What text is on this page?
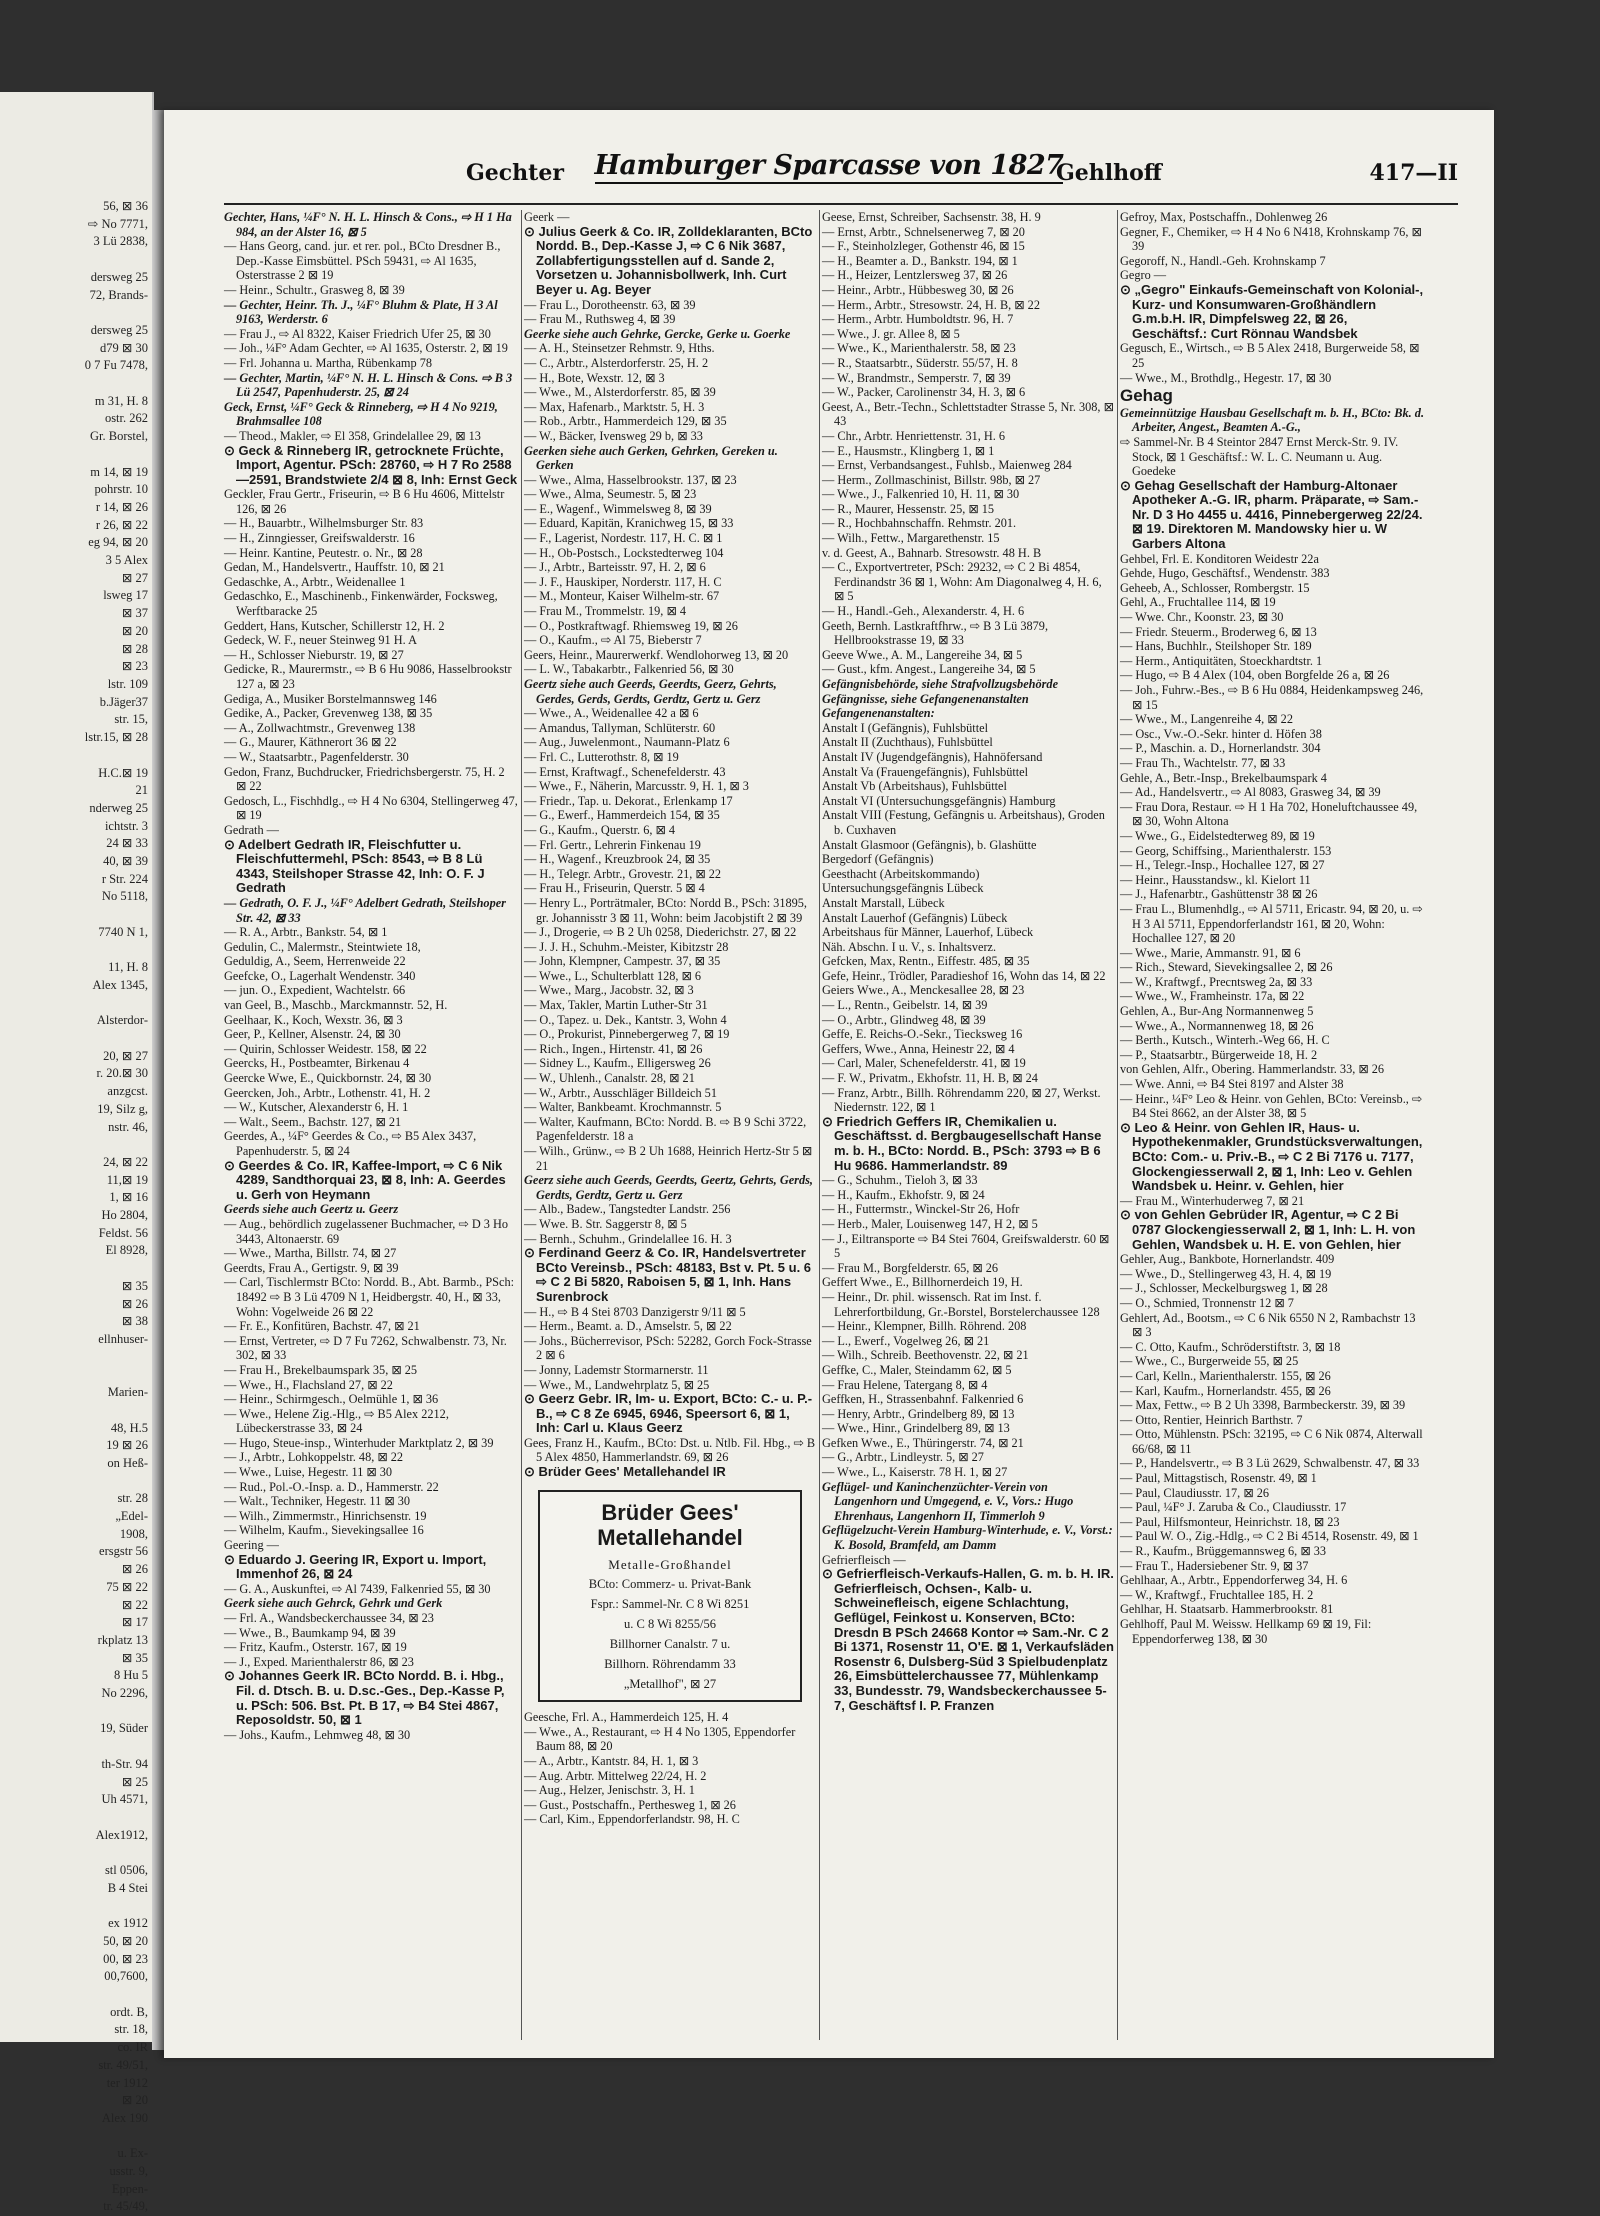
56, ⊠ 36
⇨ No 7771,
3 Lü 2838,

dersweg 25
72, Brands-

dersweg 25
d79 ⊠ 30
0 7 Fu 7478,

m 31, H. 8
ostr. 262
Gr. Borstel,

m 14, ⊠ 19
pohrstr. 10
r 14, ⊠ 26
r 26, ⊠ 22
eg 94, ⊠ 20
3 5 Alex
⊠ 27
lsweg 17
⊠ 37
⊠ 20
⊠ 28
⊠ 23
lstr. 109
b.Jäger37
str. 15,
lstr.15, ⊠ 28

H.C.⊠ 19
21
nderweg 25
ichtstr. 3
24 ⊠ 33
40, ⊠ 39
r Str. 224
No 5118,

7740 N 1,

11, H. 8
Alex 1345,

Alsterdor-

20, ⊠ 27
r. 20.⊠ 30
anzgcst.
19, Silz g,
nstr. 46,

24, ⊠ 22
11,⊠ 19
1, ⊠ 16
Ho 2804,
Feldst. 56
El 8928,

⊠ 35
⊠ 26
⊠ 38
ellnhuser-

Marien-

48, H.5
19 ⊠ 26
on Heß-

str. 28
„Edel-
1908,
ersgstr 56
⊠ 26
75 ⊠ 22
⊠ 22
⊠ 17
rkplatz 13
⊠ 35
8 Hu 5
No 2296,

19, Süder

th-Str. 94
⊠ 25
Uh 4571,

Alex1912,

stl 0506,
B 4 Stei

ex 1912
50, ⊠ 20
00, ⊠ 23
00,7600,

ordt. B,
str. 18,
co. IR
str. 49/51,
ter 1912
⊠ 20
Alex 190

u. Ex-
usstr. 9,
Eppen-
tr. 45/49,
Gechter	Hamburger Sparcasse von 1827
Gehlhoff	417—II

Gechter, Hans, ¼F° N. H. L. Hinsch & Cons., ⇨ H 1 Ha 984, an der Alster 16, ⊠ 5

— Hans Georg, cand. jur. et rer. pol., BCto Dresdner B., Dep.-Kasse Eimsbüttel. PSch 59431, ⇨ Al 1635, Osterstrasse 2 ⊠ 19

— Heinr., Schultr., Grasweg 8, ⊠ 39

— Gechter, Heinr. Th. J., ¼F° Bluhm & Plate, H 3 Al 9163, Werderstr. 6

— Frau J., ⇨ Al 8322, Kaiser Friedrich Ufer 25, ⊠ 30

— Joh., ¼F° Adam Gechter, ⇨ Al 1635, Osterstr. 2, ⊠ 19

— Frl. Johanna u. Martha, Rübenkamp 78

— Gechter, Martin, ¼F° N. H. L. Hinsch & Cons. ⇨ B 3 Lü 2547, Papenhuderstr. 25, ⊠ 24

Geck, Ernst, ¼F° Geck & Rinneberg, ⇨ H 4 No 9219, Brahmsallee 108

— Theod., Makler, ⇨ El 358, Grindelallee 29, ⊠ 13

⊙ Geck & Rinneberg IR, getrocknete Früchte, Import, Agentur. PSch: 28760, ⇨ H 7 Ro 2588—2591, Brandstwiete 2/4 ⊠ 8, Inh: Ernst Geck

Geckler, Frau Gertr., Friseurin, ⇨ B 6 Hu 4606, Mittelstr 126, ⊠ 26

— H., Bauarbtr., Wilhelmsburger Str. 83

— H., Zinngiesser, Greifswalderstr. 16

— Heinr. Kantine, Peutestr. o. Nr., ⊠ 28

Gedan, M., Handelsvertr., Hauffstr. 10, ⊠ 21

Gedaschke, A., Arbtr., Weidenallee 1

Gedaschko, E., Maschinenb., Finkenwärder, Focksweg, Werftbaracke 25

Geddert, Hans, Kutscher, Schillerstr 12, H. 2

Gedeck, W. F., neuer Steinweg 91 H. A

— H., Schlosser Nieburstr. 19, ⊠ 27

Gedicke, R., Maurermstr., ⇨ B 6 Hu 9086, Hasselbrookstr 127 a, ⊠ 23

Gediga, A., Musiker Borstelmannsweg 146

Gedike, A., Packer, Grevenweg 138, ⊠ 35

— A., Zollwachtmstr., Grevenweg 138

— G., Maurer, Käthnerort 36 ⊠ 22

— W., Staatsarbtr., Pagenfelderstr. 30

Gedon, Franz, Buchdrucker, Friedrichsbergerstr. 75, H. 2 ⊠ 22

Gedosch, L., Fischhdlg., ⇨ H 4 No 6304, Stellingerweg 47, ⊠ 19

Gedrath —

⊙ Adelbert Gedrath IR, Fleischfutter u. Fleischfuttermehl, PSch: 8543, ⇨ B 8 Lü 4343, Steilshoper Strasse 42, Inh: O. F. J Gedrath

— Gedrath, O. F. J., ¼F° Adelbert Gedrath, Steilshoper Str. 42, ⊠ 33

— R. A., Arbtr., Bankstr. 54, ⊠ 1

Gedulin, C., Malermstr., Steintwiete 18,

Geduldig, A., Seem, Herrenweide 22

Geefcke, O., Lagerhalt Wendenstr. 340

— jun. O., Expedient, Wachtelstr. 66

van Geel, B., Maschb., Marckmannstr. 52, H.

Geelhaar, K., Koch, Wexstr. 36, ⊠ 3

Geer, P., Kellner, Alsenstr. 24, ⊠ 30

— Quirin, Schlosser Weidestr. 158, ⊠ 22

Geercks, H., Postbeamter, Birkenau 4

Geercke Wwe, E., Quickbornstr. 24, ⊠ 30

Geercken, Joh., Arbtr., Lothenstr. 41, H. 2

— W., Kutscher, Alexanderstr 6, H. 1

— Walt., Seem., Bachstr. 127, ⊠ 21

Geerdes, A., ¼F° Geerdes & Co., ⇨ B5 Alex 3437, Papenhuderstr. 5, ⊠ 24

⊙ Geerdes & Co. IR, Kaffee-Import, ⇨ C 6 Nik 4289, Sandthorquai 23, ⊠ 8, Inh: A. Geerdes u. Gerh von Heymann

Geerds siehe auch Geertz u. Geerz

— Aug., behördlich zugelassener Buchmacher, ⇨ D 3 Ho 3443, Altonaerstr. 69

— Wwe., Martha, Billstr. 74, ⊠ 27

Geerdts, Frau A., Gertigstr. 9, ⊠ 39

— Carl, Tischlermstr BCto: Nordd. B., Abt. Barmb., PSch: 18492 ⇨ B 3 Lü 4709 N 1, Heidbergstr. 40, H., ⊠ 33, Wohn: Vogelweide 26 ⊠ 22

— Fr. E., Konfitüren, Bachstr. 47, ⊠ 21

— Ernst, Vertreter, ⇨ D 7 Fu 7262, Schwalbenstr. 73, Nr. 302, ⊠ 33

— Frau H., Brekelbaumspark 35, ⊠ 25

— Wwe., H., Flachsland 27, ⊠ 22

— Heinr., Schirmgesch., Oelmühle 1, ⊠ 36

— Wwe., Helene Zig.-Hlg., ⇨ B5 Alex 2212, Lübeckerstrasse 33, ⊠ 24

— Hugo, Steue-insp., Winterhuder Marktplatz 2, ⊠ 39

— J., Arbtr., Lohkoppelstr. 48, ⊠ 22

— Wwe., Luise, Hegestr. 11 ⊠ 30

— Rud., Pol.-O.-Insp. a. D., Hammerstr. 22

— Walt., Techniker, Hegestr. 11 ⊠ 30

— Wilh., Zimmermstr., Hinrichsenstr. 19

— Wilhelm, Kaufm., Sievekingsallee 16

Geering —

⊙ Eduardo J. Geering IR, Export u. Import, Immenhof 26, ⊠ 24

— G. A., Auskunftei, ⇨ Al 7439, Falkenried 55, ⊠ 30

Geerk siehe auch Gehrck, Gehrk und Gerk

— Frl. A., Wandsbeckerchaussee 34, ⊠ 23

— Wwe., B., Baumkamp 94, ⊠ 39

— Fritz, Kaufm., Osterstr. 167, ⊠ 19

— J., Exped. Marienthalerstr 86, ⊠ 23

⊙ Johannes Geerk IR. BCto Nordd. B. i. Hbg., Fil. d. Dtsch. B. u. D.sc.-Ges., Dep.-Kasse P, u. PSch: 506. Bst. Pt. B 17, ⇨ B4 Stei 4867, Reposoldstr. 50, ⊠ 1

— Johs., Kaufm., Lehmweg 48, ⊠ 30

Geerk —

⊙ Julius Geerk & Co. IR, Zolldeklaranten, BCto Nordd. B., Dep.-Kasse J, ⇨ C 6 Nik 3687, Zollabfertigungsstellen auf d. Sande 2, Vorsetzen u. Johannisbollwerk, Inh. Curt Beyer u. Ag. Beyer

— Frau L., Dorotheenstr. 63, ⊠ 39

— Frau M., Ruthsweg 4, ⊠ 39

Geerke siehe auch Gehrke, Gercke, Gerke u. Goerke

— A. H., Steinsetzer Rehmstr. 9, Hths.

— C., Arbtr., Alsterdorferstr. 25, H. 2

— H., Bote, Wexstr. 12, ⊠ 3

— Wwe., M., Alsterdorferstr. 85, ⊠ 39

— Max, Hafenarb., Marktstr. 5, H. 3

— Rob., Arbtr., Hammerdeich 129, ⊠ 35

— W., Bäcker, Ivensweg 29 b, ⊠ 33

Geerken siehe auch Gerken, Gehrken, Gereken u. Gerken

— Wwe., Alma, Hasselbrookstr. 137, ⊠ 23

— Wwe., Alma, Seumestr. 5, ⊠ 23

— E., Wagenf., Wimmelsweg 8, ⊠ 39

— Eduard, Kapitän, Kranichweg 15, ⊠ 33

— F., Lagerist, Nordestr. 117, H. C. ⊠ 1

— H., Ob-Postsch., Lockstedterweg 104

— J., Arbtr., Barteisstr. 97, H. 2, ⊠ 6

— J. F., Hauskiper, Norderstr. 117, H. C

— M., Monteur, Kaiser Wilhelm-str. 67

— Frau M., Trommelstr. 19, ⊠ 4

— O., Postkraftwagf. Rhiemsweg 19, ⊠ 26

— O., Kaufm., ⇨ Al 75, Bieberstr 7

Geers, Heinr., Maurerwerkf. Wendlohorweg 13, ⊠ 20

— L. W., Tabakarbtr., Falkenried 56, ⊠ 30

Geertz siehe auch Geerds, Geerdts, Geerz, Gehrts, Gerdes, Gerds, Gerdts, Gerdtz, Gertz u. Gerz

— Wwe., A., Weidenallee 42 a ⊠ 6

— Amandus, Tallyman, Schlüterstr. 60

— Aug., Juwelenmont., Naumann-Platz 6

— Frl. C., Lutterothstr. 8, ⊠ 19

— Ernst, Kraftwagf., Schenefelderstr. 43

— Wwe., F., Näherin, Marcusstr. 9, H. 1, ⊠ 3

— Friedr., Tap. u. Dekorat., Erlenkamp 17

— G., Ewerf., Hammerdeich 154, ⊠ 35

— G., Kaufm., Querstr. 6, ⊠ 4

— Frl. Gertr., Lehrerin Finkenau 19

— H., Wagenf., Kreuzbrook 24, ⊠ 35

— H., Telegr. Arbtr., Grovestr. 21, ⊠ 22

— Frau H., Friseurin, Querstr. 5 ⊠ 4

— Henry L., Porträtmaler, BCto: Nordd B., PSch: 31895, gr. Johannisstr 3 ⊠ 11, Wohn: beim Jacobjstift 2 ⊠ 39

— J., Drogerie, ⇨ B 2 Uh 0258, Diederichstr. 27, ⊠ 22

— J. J. H., Schuhm.-Meister, Kibitzstr 28

— John, Klempner, Campestr. 37, ⊠ 35

— Wwe., L., Schulterblatt 128, ⊠ 6

— Wwe., Marg., Jacobstr. 32, ⊠ 3

— Max, Takler, Martin Luther-Str 31

— O., Tapez. u. Dek., Kantstr. 3, Wohn 4

— O., Prokurist, Pinnebergerweg 7, ⊠ 19

— Rich., Ingen., Hirtenstr. 41, ⊠ 26

— Sidney L., Kaufm., Elligersweg 26

— W., Uhlenh., Canalstr. 28, ⊠ 21

— W., Arbtr., Ausschläger Billdeich 51

— Walter, Bankbeamt. Krochmannstr. 5

— Walter, Kaufmann, BCto: Nordd. B. ⇨ B 9 Schi 3722, Pagenfelderstr. 18 a

— Wilh., Grünw., ⇨ B 2 Uh 1688, Heinrich Hertz-Str 5 ⊠ 21

Geerz siehe auch Geerds, Geerdts, Geertz, Gehrts, Gerds, Gerdts, Gerdtz, Gertz u. Gerz

— Alb., Badew., Tangstedter Landstr. 256

— Wwe. B. Str. Saggerstr 8, ⊠ 5

— Bernh., Schuhm., Grindelallee 16. H. 3

⊙ Ferdinand Geerz & Co. IR, Handelsvertreter BCto Vereinsb., PSch: 48183, Bst v. Pt. 5 u. 6 ⇨ C 2 Bi 5820, Raboisen 5, ⊠ 1, Inh. Hans Surenbrock

— H., ⇨ B 4 Stei 8703 Danzigerstr 9/11 ⊠ 5

— Herm., Beamt. a. D., Amselstr. 5, ⊠ 22

— Johs., Bücherrevisor, PSch: 52282, Gorch Fock-Strasse 2 ⊠ 6

— Jonny, Lademstr Stormarnerstr. 11

— Wwe., M., Landwehrplatz 5, ⊠ 25

⊙ Geerz Gebr. IR, Im- u. Export, BCto: C.- u. P.-B., ⇨ C 8 Ze 6945, 6946, Speersort 6, ⊠ 1, Inh: Carl u. Klaus Geerz

Gees, Franz H., Kaufm., BCto: Dst. u. Ntlb. Fil. Hbg., ⇨ B 5 Alex 4850, Hammerlandstr. 69, ⊠ 26

⊙ Brüder Gees' Metallehandel IR

Brüder Gees'
Metallehandel
Metalle-Großhandel
BCto: Commerz- u. Privat-Bank
Fspr.: Sammel-Nr. C 8 Wi 8251
u. C 8 Wi 8255/56
Billhorner Canalstr. 7 u.
Billhorn. Röhrendamm 33
„Metallhof", ⊠ 27

Geesche, Frl. A., Hammerdeich 125, H. 4

— Wwe., A., Restaurant, ⇨ H 4 No 1305, Eppendorfer Baum 88, ⊠ 20

— A., Arbtr., Kantstr. 84, H. 1, ⊠ 3

— Aug. Arbtr. Mittelweg 22/24, H. 2

— Aug., Helzer, Jenischstr. 3, H. 1

— Gust., Postschaffn., Perthesweg 1, ⊠ 26

— Carl, Kim., Eppendorferlandstr. 98, H. C

Geese, Ernst, Schreiber, Sachsenstr. 38, H. 9

— Ernst, Arbtr., Schnelsenerweg 7, ⊠ 20

— F., Steinholzleger, Gothenstr 46, ⊠ 15

— H., Beamter a. D., Bankstr. 194, ⊠ 1

— H., Heizer, Lentzlersweg 37, ⊠ 26

— Heinr., Arbtr., Hübbesweg 30, ⊠ 26

— Herm., Arbtr., Stresowstr. 24, H. B, ⊠ 22

— Herm., Arbtr. Humboldtstr. 96, H. 7

— Wwe., J. gr. Allee 8, ⊠ 5

— Wwe., K., Marienthalerstr. 58, ⊠ 23

— R., Staatsarbtr., Süderstr. 55/57, H. 8

— W., Brandmstr., Semperstr. 7, ⊠ 39

— W., Packer, Carolinenstr 34, H. 3, ⊠ 6

Geest, A., Betr.-Techn., Schlettstadter Strasse 5, Nr. 308, ⊠ 43

— Chr., Arbtr. Henriettenstr. 31, H. 6

— E., Hausmstr., Klingberg 1, ⊠ 1

— Ernst, Verbandsangest., Fuhlsb., Maienweg 284

— Herm., Zollmaschinist, Billstr. 98b, ⊠ 27

— Wwe., J., Falkenried 10, H. 11, ⊠ 30

— R., Maurer, Hessenstr. 25, ⊠ 15

— R., Hochbahnschaffn. Rehmstr. 201.

— Wilh., Fettw., Margarethenstr. 15

v. d. Geest, A., Bahnarb. Stresowstr. 48 H. B

— C., Exportvertreter, PSch: 29232, ⇨ C 2 Bi 4854, Ferdinandstr 36 ⊠ 1, Wohn: Am Diagonalweg 4, H. 6, ⊠ 5

— H., Handl.-Geh., Alexanderstr. 4, H. 6

Geeth, Bernh. Lastkraftfhrw., ⇨ B 3 Lü 3879, Hellbrookstrasse 19, ⊠ 33

Geeve Wwe., A. M., Langereihe 34, ⊠ 5

— Gust., kfm. Angest., Langereihe 34, ⊠ 5

Gefängnisbehörde, siehe Strafvollzugsbehörde

Gefängnisse, siehe Gefangenenanstalten

Gefangenenanstalten:

Anstalt I (Gefängnis), Fuhlsbüttel

Anstalt II (Zuchthaus), Fuhlsbüttel

Anstalt IV (Jugendgefängnis), Hahnöfersand

Anstalt Va (Frauengefängnis), Fuhlsbüttel

Anstalt Vb (Arbeitshaus), Fuhlsbüttel

Anstalt VI (Untersuchungsgefängnis) Hamburg

Anstalt VIII (Festung, Gefängnis u. Arbeitshaus), Groden b. Cuxhaven

Anstalt Glasmoor (Gefängnis), b. Glashütte

Bergedorf (Gefängnis)

Geesthacht (Arbeitskommando)

Untersuchungsgefängnis Lübeck

Anstalt Marstall, Lübeck

Anstalt Lauerhof (Gefängnis) Lübeck

Arbeitshaus für Männer, Lauerhof, Lübeck

Näh. Abschn. I u. V., s. Inhaltsverz.

Gefcken, Max, Rentn., Eiffestr. 485, ⊠ 35

Gefe, Heinr., Trödler, Paradieshof 16, Wohn das 14, ⊠ 22

Geiers Wwe., A., Menckesallee 28, ⊠ 23

— L., Rentn., Geibelstr. 14, ⊠ 39

— O., Arbtr., Glindweg 48, ⊠ 39

Geffe, E. Reichs-O.-Sekr., Tiecksweg 16

Geffers, Wwe., Anna, Heinestr 22, ⊠ 4

— Carl, Maler, Schenefelderstr. 41, ⊠ 19

— F. W., Privatm., Ekhofstr. 11, H. B, ⊠ 24

— Franz, Arbtr., Billh. Röhrendamm 220, ⊠ 27, Werkst. Niedernstr. 122, ⊠ 1

⊙ Friedrich Geffers IR, Chemikalien u. Geschäftsst. d. Bergbaugesellschaft Hanse m. b. H., BCto: Nordd. B., PSch: 3793 ⇨ B 6 Hu 9686. Hammerlandstr. 89

— G., Schuhm., Tieloh 3, ⊠ 33

— H., Kaufm., Ekhofstr. 9, ⊠ 24

— H., Futtermstr., Winckel-Str 26, Hofr

— Herb., Maler, Louisenweg 147, H 2, ⊠ 5

— J., Eiltransporte ⇨ B4 Stei 7604, Greifswalderstr. 60 ⊠ 5

— Frau M., Borgfelderstr. 65, ⊠ 26

Geffert Wwe., E., Billhornerdeich 19, H.

— Heinr., Dr. phil. wissensch. Rat im Inst. f. Lehrerfortbildung, Gr.-Borstel, Borstelerchaussee 128

— Heinr., Klempner, Billh. Röhrend. 208

— L., Ewerf., Vogelweg 26, ⊠ 21

— Wilh., Schreib. Beethovenstr. 22, ⊠ 21

Geffke, C., Maler, Steindamm 62, ⊠ 5

— Frau Helene, Tatergang 8, ⊠ 4

Geffken, H., Strassenbahnf. Falkenried 6

— Henry, Arbtr., Grindelberg 89, ⊠ 13

— Wwe., Hinr., Grindelberg 89, ⊠ 13

Gefken Wwe., E., Thüringerstr. 74, ⊠ 21

— G., Arbtr., Lindleystr. 5, ⊠ 27

— Wwe., L., Kaiserstr. 78 H. 1, ⊠ 27

Geflügel- und Kaninchenzüchter-Verein von Langenhorn und Umgegend, e. V., Vors.: Hugo Ehrenhaus, Langenhorn II, Timmerloh 9

Geflügelzucht-Verein Hamburg-Winterhude, e. V., Vorst.: K. Bosold, Bramfeld, am Damm

Gefrierfleisch —

⊙ Gefrierfleisch-Verkaufs-Hallen, G. m. b. H. IR. Gefrierfleisch, Ochsen-, Kalb- u. Schweinefleisch, eigene Schlachtung, Geflügel, Feinkost u. Konserven, BCto: Dresdn B PSch 24668 Kontor ⇨ Sam.-Nr. C 2 Bi 1371, Rosenstr 11, O'E. ⊠ 1, Verkaufsläden Rosenstr 6, Dulsberg-Süd 3 Spielbudenplatz 26, Eimsbüttelerchaussee 77, Mühlenkamp 33, Bundesstr. 79, Wandsbeckerchaussee 5-7, Geschäftsf I. P. Franzen

Gefroy, Max, Postschaffn., Dohlenweg 26

Gegner, F., Chemiker, ⇨ H 4 No 6 N418, Krohnskamp 76, ⊠ 39

Gegoroff, N., Handl.-Geh. Krohnskamp 7

Gegro —

⊙ „Gegro" Einkaufs-Gemeinschaft von Kolonial-, Kurz- und Konsumwaren-Großhändlern G.m.b.H. IR, Dimpfelsweg 22, ⊠ 26, Geschäftsf.: Curt Rönnau Wandsbek

Gegusch, E., Wirtsch., ⇨ B 5 Alex 2418, Burgerweide 58, ⊠ 25

— Wwe., M., Brothdlg., Hegestr. 17, ⊠ 30

Gehag

Gemeinnützige Hausbau Gesellschaft m. b. H., BCto: Bk. d. Arbeiter, Angest., Beamten A.-G.,

⇨ Sammel-Nr. B 4 Steintor 2847 Ernst Merck-Str. 9. IV. Stock, ⊠ 1 Geschäftsf.: W. L. C. Neumann u. Aug. Goedeke

⊙ Gehag Gesellschaft der Hamburg-Altonaer Apotheker A.-G. IR, pharm. Präparate, ⇨ Sam.-Nr. D 3 Ho 4455 u. 4416, Pinnebergerweg 22/24. ⊠ 19. Direktoren M. Mandowsky hier u. W Garbers Altona

Gehbel, Frl. E. Konditoren Weidestr 22a

Gehde, Hugo, Geschäftsf., Wendenstr. 383

Geheeb, A., Schlosser, Rombergstr. 15

Gehl, A., Fruchtallee 114, ⊠ 19

— Wwe. Chr., Koonstr. 23, ⊠ 30

— Friedr. Steuerm., Broderweg 6, ⊠ 13

— Hans, Buchhlr., Steilshoper Str. 189

— Herm., Antiquitäten, Stoeckhardtstr. 1

— Hugo, ⇨ B 4 Alex (104, oben Borgfelde 26 a, ⊠ 26

— Joh., Fuhrw.-Bes., ⇨ B 6 Hu 0884, Heidenkampsweg 246, ⊠ 15

— Wwe., M., Langenreihe 4, ⊠ 22

— Osc., Vw.-O.-Sekr. hinter d. Höfen 38

— P., Maschin. a. D., Hornerlandstr. 304

— Frau Th., Wachtelstr. 77, ⊠ 33

Gehle, A., Betr.-Insp., Brekelbaumspark 4

— Ad., Handelsvertr., ⇨ Al 8083, Grasweg 34, ⊠ 39

— Frau Dora, Restaur. ⇨ H 1 Ha 702, Honeluftchaussee 49, ⊠ 30, Wohn Altona

— Wwe., G., Eidelstedterweg 89, ⊠ 19

— Georg, Schiffsing., Marienthalerstr. 153

— H., Telegr.-Insp., Hochallee 127, ⊠ 27

— Heinr., Hausstandsw., kl. Kielort 11

— J., Hafenarbtr., Gashüttenstr 38 ⊠ 26

— Frau L., Blumenhdlg., ⇨ Al 5711, Ericastr. 94, ⊠ 20, u. ⇨ H 3 Al 5711, Eppendorferlandstr 161, ⊠ 20, Wohn: Hochallee 127, ⊠ 20

— Wwe., Marie, Ammanstr. 91, ⊠ 6

— Rich., Steward, Sievekingsallee 2, ⊠ 26

— W., Kraftwgf., Precntsweg 2a, ⊠ 33

— Wwe., W., Framheinstr. 17a, ⊠ 22

Gehlen, A., Bur-Ang Normannenweg 5

— Wwe., A., Normannenweg 18, ⊠ 26

— Berth., Kutsch., Winterh.-Weg 66, H. C

— P., Staatsarbtr., Bürgerweide 18, H. 2

von Gehlen, Alfr., Obering. Hammerlandstr. 33, ⊠ 26

— Wwe. Anni, ⇨ B4 Stei 8197 and Alster 38

— Heinr., ¼F° Leo & Heinr. von Gehlen, BCto: Vereinsb., ⇨ B4 Stei 8662, an der Alster 38, ⊠ 5

⊙ Leo & Heinr. von Gehlen IR, Haus- u. Hypothekenmakler, Grundstücksverwaltungen, BCto: Com.- u. Priv.-B., ⇨ C 2 Bi 7176 u. 7177, Glockengiesserwall 2, ⊠ 1, Inh: Leo v. Gehlen Wandsbek u. Heinr. v. Gehlen, hier

— Frau M., Winterhuderweg 7, ⊠ 21

⊙ von Gehlen Gebrüder IR, Agentur, ⇨ C 2 Bi 0787 Glockengiesserwall 2, ⊠ 1, Inh: L. H. von Gehlen, Wandsbek u. H. E. von Gehlen, hier

Gehler, Aug., Bankbote, Hornerlandstr. 409

— Wwe., D., Stellingerweg 43, H. 4, ⊠ 19

— J., Schlosser, Meckelburgsweg 1, ⊠ 28

— O., Schmied, Tronnenstr 12 ⊠ 7

Gehlert, Ad., Bootsm., ⇨ C 6 Nik 6550 N 2, Rambachstr 13 ⊠ 3

— C. Otto, Kaufm., Schröderstiftstr. 3, ⊠ 18

— Wwe., C., Burgerweide 55, ⊠ 25

— Carl, Kelln., Marienthalerstr. 155, ⊠ 26

— Karl, Kaufm., Hornerlandstr. 455, ⊠ 26

— Max, Fettw., ⇨ B 2 Uh 3398, Barmbeckerstr. 39, ⊠ 39

— Otto, Rentier, Heinrich Barthstr. 7

— Otto, Mühlenstn. PSch: 32195, ⇨ C 6 Nik 0874, Alterwall 66/68, ⊠ 11

— P., Handelsvertr., ⇨ B 3 Lü 2629, Schwalbenstr. 47, ⊠ 33

— Paul, Mittagstisch, Rosenstr. 49, ⊠ 1

— Paul, Claudiusstr. 17, ⊠ 26

— Paul, ¼F° J. Zaruba & Co., Claudiusstr. 17

— Paul, Hilfsmonteur, Heinrichstr. 18, ⊠ 23

— Paul W. O., Zig.-Hdlg., ⇨ C 2 Bi 4514, Rosenstr. 49, ⊠ 1

— R., Kaufm., Brüggemannsweg 6, ⊠ 33

— Frau T., Hadersiebener Str. 9, ⊠ 37

Gehlhaar, A., Arbtr., Eppendorferweg 34, H. 6

— W., Kraftwgf., Fruchtallee 185, H. 2

Gehlhar, H. Staatsarb. Hammerbrookstr. 81

Gehlhoff, Paul M. Weissw. Hellkamp 69 ⊠ 19, Fil: Eppendorferweg 138, ⊠ 30
